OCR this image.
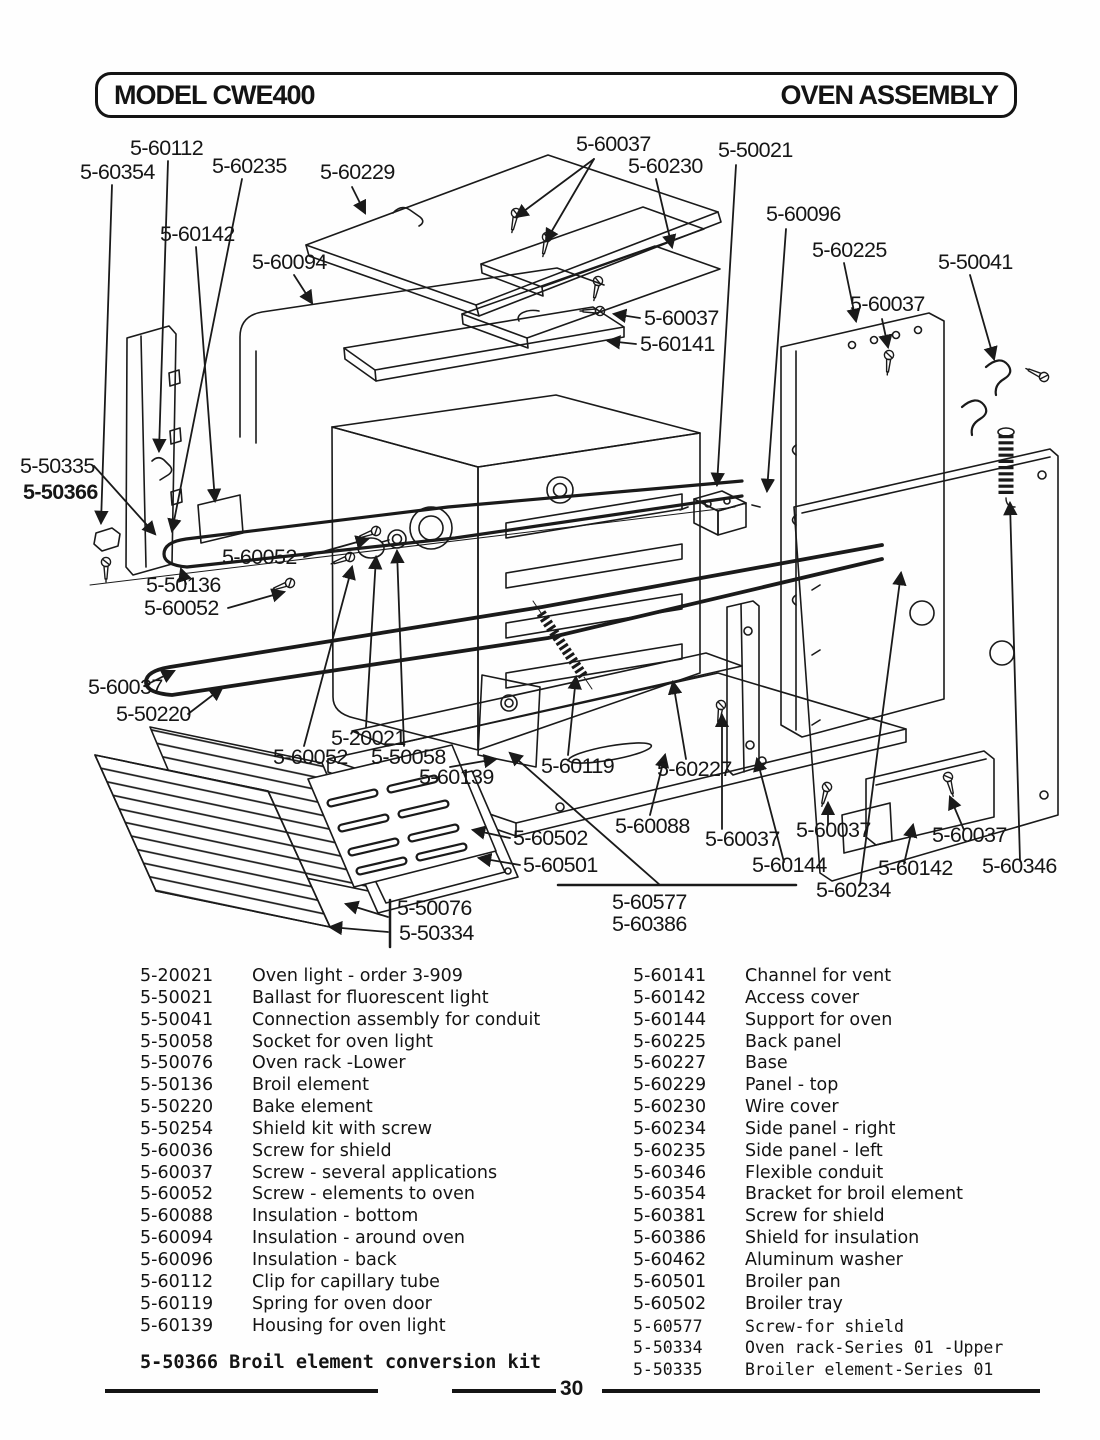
MODEL CWE400	OVEN ASSEMBLY
5-60112
5-60354	5-60235 5-60229
5-60142
5-60094
5-60037
5-60230
5-50021
5-60096
5-60225 5-50041
5-60037
5-60037
5-60141
5-50335
5-50366
5-60052
5-50136
5-60052
5-60037
5-50220
5-20021
5-60052 5-50058
5-60139 5-60119 5-60227
5-60502
5-60501
5-60088
5-60037 5-60037
5-60144 5-60142
5-60037
5-60346
5-60234
5-50076
5-50334
5-60577
5-60386
5-20021	Oven light - order 3-909
5-50021	Ballast for fluorescent light
5-50041	Connection assembly for conduit
5-50058	Socket for oven light
5-50076	Oven rack -Lower
5-50136	Broil element
5-50220	Bake element
5-50254	Shield kit with screw
5-60036	Screw for shield
5-60037	Screw - several applications
5-60052	Screw - elements to oven
5-60088	Insulation - bottom
5-60094	Insulation - around oven
5-60096	Insulation - back
5-60112	Clip for capillary tube
5-60119	Spring for oven door
5-60139	Housing for oven light
5-60141	Channel for vent
5-60142	Access cover
5-60144	Support for oven
5-60225	Back panel
5-60227	Base
5-60229	Panel - top
5-60230	Wire cover
5-60234	Side panel - right
5-60235	Side panel - left
5-60346	Flexible conduit
5-60354	Bracket for broil element
5-60381	Screw for shield
5-60386	Shield for insulation
5-60462	Aluminum washer
5-60501	Broiler pan
5-60502	Broiler tray
5-60577	Screw-for shield
5-50334	Oven rack-Series 01 -Upper
5-50335	Broiler element-Series 01
5-50366 Broil element conversion kit
30
